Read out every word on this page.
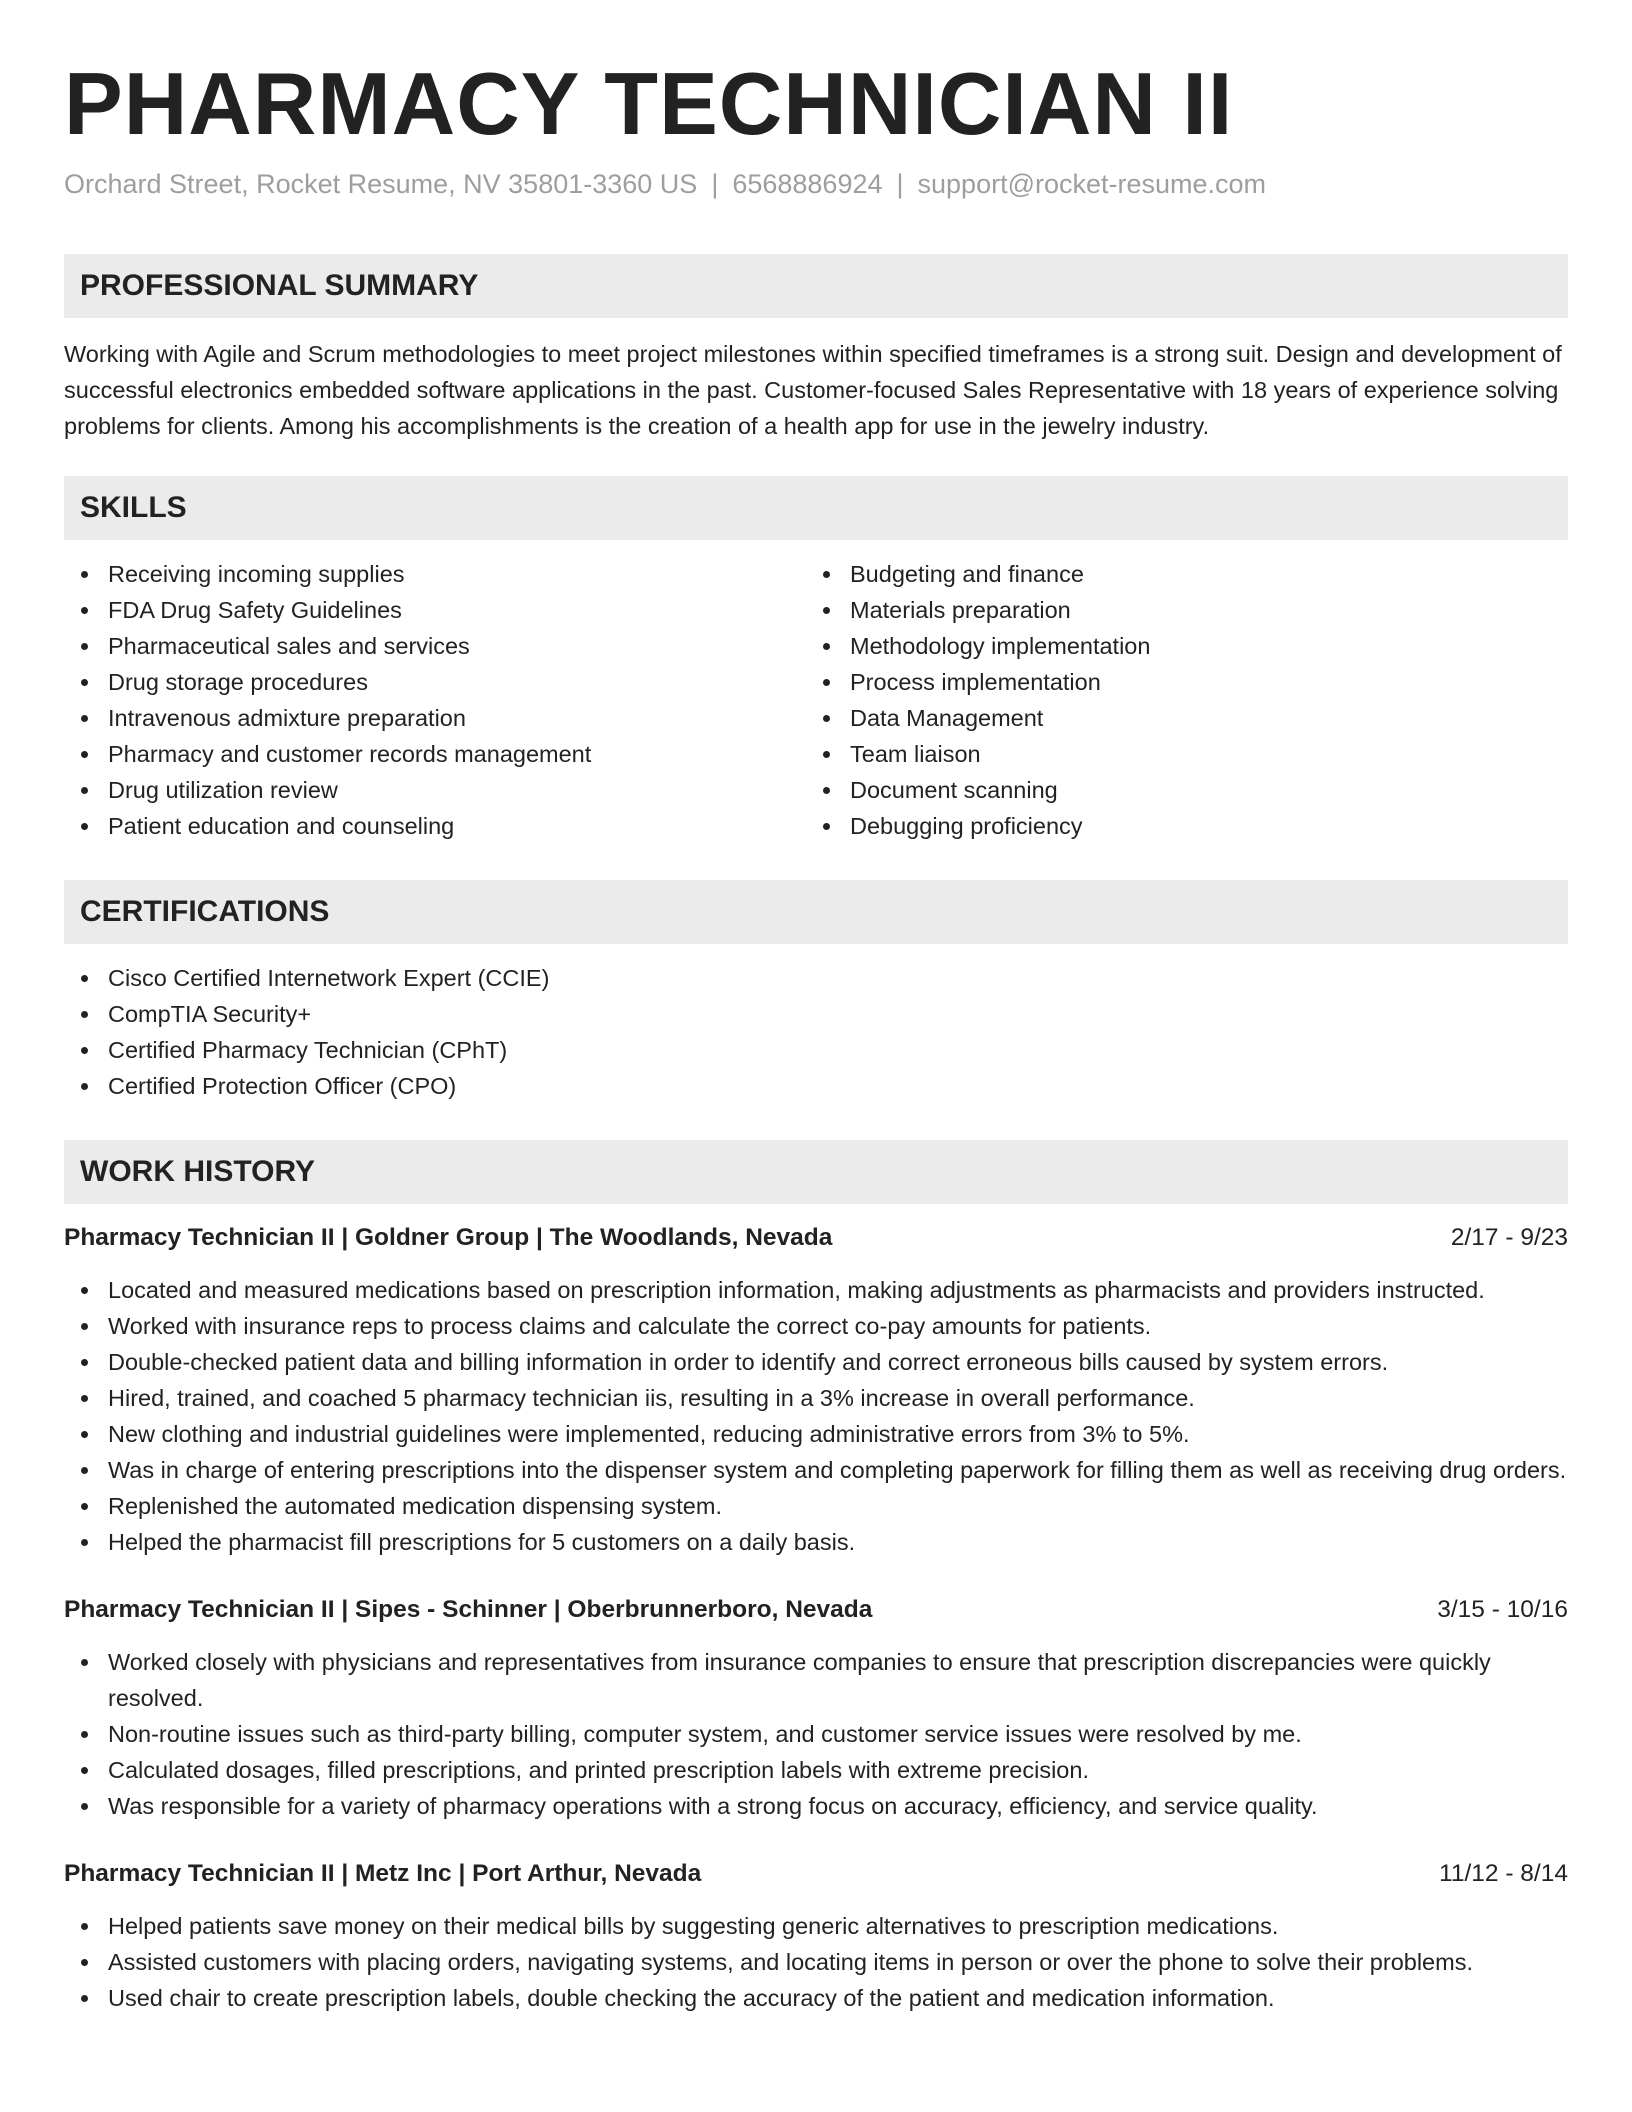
PHARMACY TECHNICIAN II
Orchard Street, Rocket Resume, NV 35801-3360 US | 6568886924 | support@rocket-resume.com
PROFESSIONAL SUMMARY

Working with Agile and Scrum methodologies to meet project milestones within specified timeframes is a strong suit. Design and development of successful electronics embedded software applications in the past. Customer-focused Sales Representative with 18 years of experience solving problems for clients. Among his accomplishments is the creation of a health app for use in the jewelry industry.

SKILLS
Receiving incoming supplies
FDA Drug Safety Guidelines
Pharmaceutical sales and services
Drug storage procedures
Intravenous admixture preparation
Pharmacy and customer records management
Drug utilization review
Patient education and counseling
Budgeting and finance
Materials preparation
Methodology implementation
Process implementation
Data Management
Team liaison
Document scanning
Debugging proficiency
CERTIFICATIONS
Cisco Certified Internetwork Expert (CCIE)
CompTIA Security+
Certified Pharmacy Technician (CPhT)
Certified Protection Officer (CPO)
WORK HISTORY
Pharmacy Technician II | Goldner Group | The Woodlands, Nevada	2/17 - 9/23
Located and measured medications based on prescription information, making adjustments as pharmacists and providers instructed.
Worked with insurance reps to process claims and calculate the correct co-pay amounts for patients.
Double-checked patient data and billing information in order to identify and correct erroneous bills caused by system errors.
Hired, trained, and coached 5 pharmacy technician iis, resulting in a 3% increase in overall performance.
New clothing and industrial guidelines were implemented, reducing administrative errors from 3% to 5%.
Was in charge of entering prescriptions into the dispenser system and completing paperwork for filling them as well as receiving drug orders.
Replenished the automated medication dispensing system.
Helped the pharmacist fill prescriptions for 5 customers on a daily basis.
Pharmacy Technician II | Sipes - Schinner | Oberbrunnerboro, Nevada	3/15 - 10/16
Worked closely with physicians and representatives from insurance companies to ensure that prescription discrepancies were quickly resolved.
Non-routine issues such as third-party billing, computer system, and customer service issues were resolved by me.
Calculated dosages, filled prescriptions, and printed prescription labels with extreme precision.
Was responsible for a variety of pharmacy operations with a strong focus on accuracy, efficiency, and service quality.
Pharmacy Technician II | Metz Inc | Port Arthur, Nevada	11/12 - 8/14
Helped patients save money on their medical bills by suggesting generic alternatives to prescription medications.
Assisted customers with placing orders, navigating systems, and locating items in person or over the phone to solve their problems.
Used chair to create prescription labels, double checking the accuracy of the patient and medication information.
